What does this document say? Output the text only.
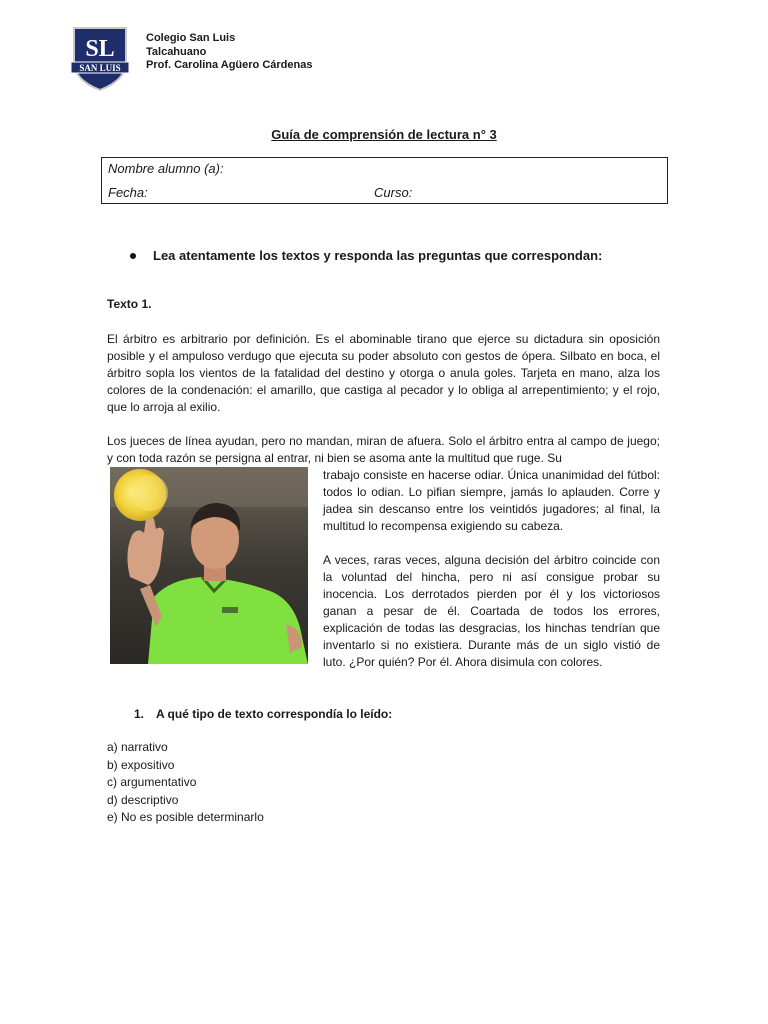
SL
SAN LUIS
Colegio San Luis
Talcahuano
Prof. Carolina Agüero Cárdenas
Guía de comprensión de lectura n° 3
Nombre alumno (a):
Fecha:	Curso:
Lea atentamente los textos y responda las preguntas que correspondan:
Texto 1.

El árbitro es arbitrario por definición. Es el abominable tirano que ejerce su dictadura sin oposición posible y el ampuloso verdugo que ejecuta su poder absoluto con gestos de ópera. Silbato en boca, el árbitro sopla los vientos de la fatalidad del destino y otorga o anula goles. Tarjeta en mano, alza los colores de la condenación: el amarillo, que castiga al pecador y lo obliga al arrepentimiento; y el rojo, que lo arroja al exilio.

Los jueces de línea ayudan, pero no mandan, miran de afuera. Solo el árbitro entra al campo de juego; y con toda razón se persigna al entrar, ni bien se asoma ante la multitud que ruge. Su

trabajo consiste en hacerse odiar. Única unanimidad del fútbol: todos lo odian. Lo pifian siempre, jamás lo aplauden. Corre y jadea sin descanso entre los veintidós jugadores; al final, la multitud lo recompensa exigiendo su cabeza.

A veces, raras veces, alguna decisión del árbitro coincide con la voluntad del hincha, pero ni así consigue probar su inocencia. Los derrotados pierden por él y los victoriosos ganan a pesar de él. Coartada de todos los errores, explicación de todas las desgracias, los hinchas tendrían que inventarlo si no existiera. Durante más de un siglo vistió de luto. ¿Por quién? Por él. Ahora disimula con colores.

1. A qué tipo de texto correspondía lo leído:
a) narrativo
b) expositivo
c) argumentativo
d) descriptivo
e) No es posible determinarlo
